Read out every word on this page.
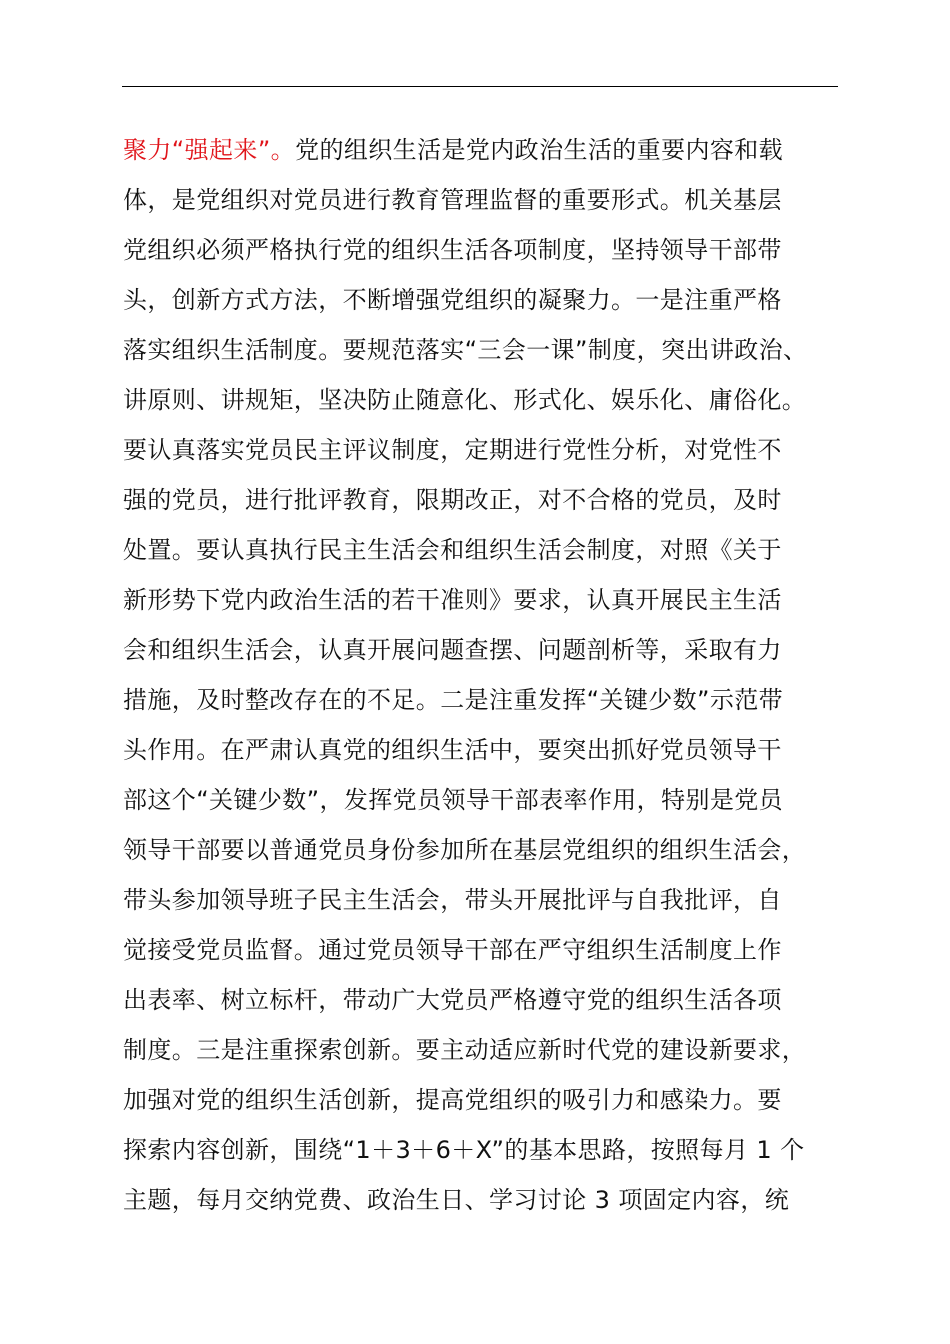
聚力“强起来”。党的组织生活是党内政治生活的重要内容和载
体，是党组织对党员进行教育管理监督的重要形式。机关基层
党组织必须严格执行党的组织生活各项制度，坚持领导干部带
头，创新方式方法，不断增强党组织的凝聚力。一是注重严格
落实组织生活制度。要规范落实“三会一课”制度，突出讲政治、
讲原则、讲规矩，坚决防止随意化、形式化、娱乐化、庸俗化。
要认真落实党员民主评议制度，定期进行党性分析，对党性不
强的党员，进行批评教育，限期改正，对不合格的党员，及时
处置。要认真执行民主生活会和组织生活会制度，对照《关于
新形势下党内政治生活的若干准则》要求，认真开展民主生活
会和组织生活会，认真开展问题查摆、问题剖析等，采取有力
措施，及时整改存在的不足。二是注重发挥“关键少数”示范带
头作用。在严肃认真党的组织生活中，要突出抓好党员领导干
部这个“关键少数”，发挥党员领导干部表率作用，特别是党员
领导干部要以普通党员身份参加所在基层党组织的组织生活会，
带头参加领导班子民主生活会，带头开展批评与自我批评，自
觉接受党员监督。通过党员领导干部在严守组织生活制度上作
出表率、树立标杆，带动广大党员严格遵守党的组织生活各项
制度。三是注重探索创新。要主动适应新时代党的建设新要求，
加强对党的组织生活创新，提高党组织的吸引力和感染力。要
探索内容创新，围绕“1＋3＋6＋X”的基本思路，按照每月 1 个
主题，每月交纳党费、政治生日、学习讨论 3 项固定内容，统
